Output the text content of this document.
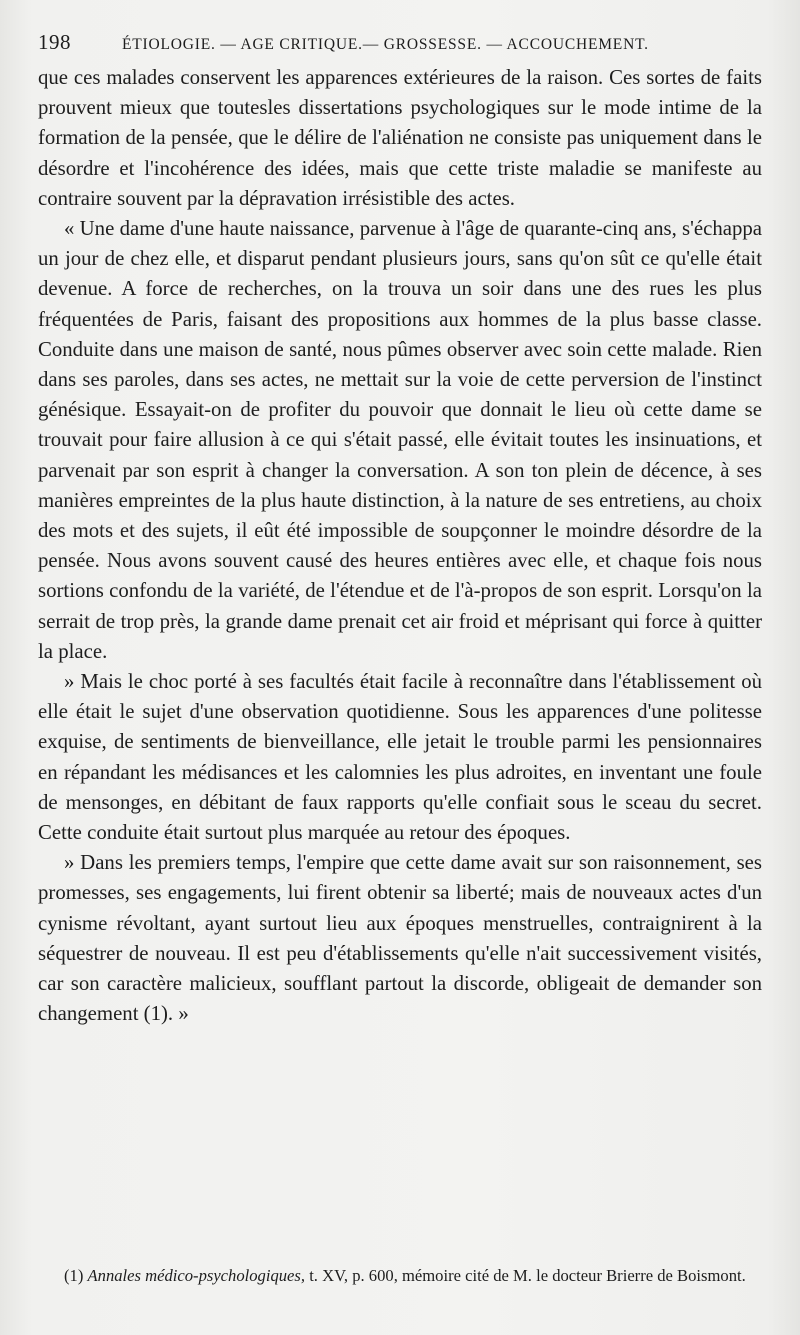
198	ÉTIOLOGIE. — AGE CRITIQUE.— GROSSESSE. — ACCOUCHEMENT.

que ces malades conservent les apparences extérieures de la raison. Ces sortes de faits prouvent mieux que toutesles dissertations psychologiques sur le mode intime de la formation de la pensée, que le délire de l'aliénation ne consiste pas uniquement dans le désordre et l'incohérence des idées, mais que cette triste maladie se manifeste au contraire souvent par la dépravation irrésistible des actes.

« Une dame d'une haute naissance, parvenue à l'âge de quarante-cinq ans, s'échappa un jour de chez elle, et disparut pendant plusieurs jours, sans qu'on sût ce qu'elle était devenue. A force de recherches, on la trouva un soir dans une des rues les plus fréquentées de Paris, faisant des propositions aux hommes de la plus basse classe. Conduite dans une maison de santé, nous pûmes observer avec soin cette malade. Rien dans ses paroles, dans ses actes, ne mettait sur la voie de cette perversion de l'instinct génésique. Essayait-on de profiter du pouvoir que donnait le lieu où cette dame se trouvait pour faire allusion à ce qui s'était passé, elle évitait toutes les insinuations, et parvenait par son esprit à changer la conversation. A son ton plein de décence, à ses manières empreintes de la plus haute distinction, à la nature de ses entretiens, au choix des mots et des sujets, il eût été impossible de soupçonner le moindre désordre de la pensée. Nous avons souvent causé des heures entières avec elle, et chaque fois nous sortions confondu de la variété, de l'étendue et de l'à-propos de son esprit. Lorsqu'on la serrait de trop près, la grande dame prenait cet air froid et méprisant qui force à quitter la place.

» Mais le choc porté à ses facultés était facile à reconnaître dans l'établissement où elle était le sujet d'une observation quotidienne. Sous les apparences d'une politesse exquise, de sentiments de bienveillance, elle jetait le trouble parmi les pensionnaires en répandant les médisances et les calomnies les plus adroites, en inventant une foule de mensonges, en débitant de faux rapports qu'elle confiait sous le sceau du secret. Cette conduite était surtout plus marquée au retour des époques.

» Dans les premiers temps, l'empire que cette dame avait sur son raisonnement, ses promesses, ses engagements, lui firent obtenir sa liberté; mais de nouveaux actes d'un cynisme révoltant, ayant surtout lieu aux époques menstruelles, contraignirent à la séquestrer de nouveau. Il est peu d'établissements qu'elle n'ait successivement visités, car son caractère malicieux, soufflant partout la discorde, obligeait de demander son changement (1). »

(1) Annales médico-psychologiques, t. XV, p. 600, mémoire cité de M. le docteur Brierre de Boismont.
